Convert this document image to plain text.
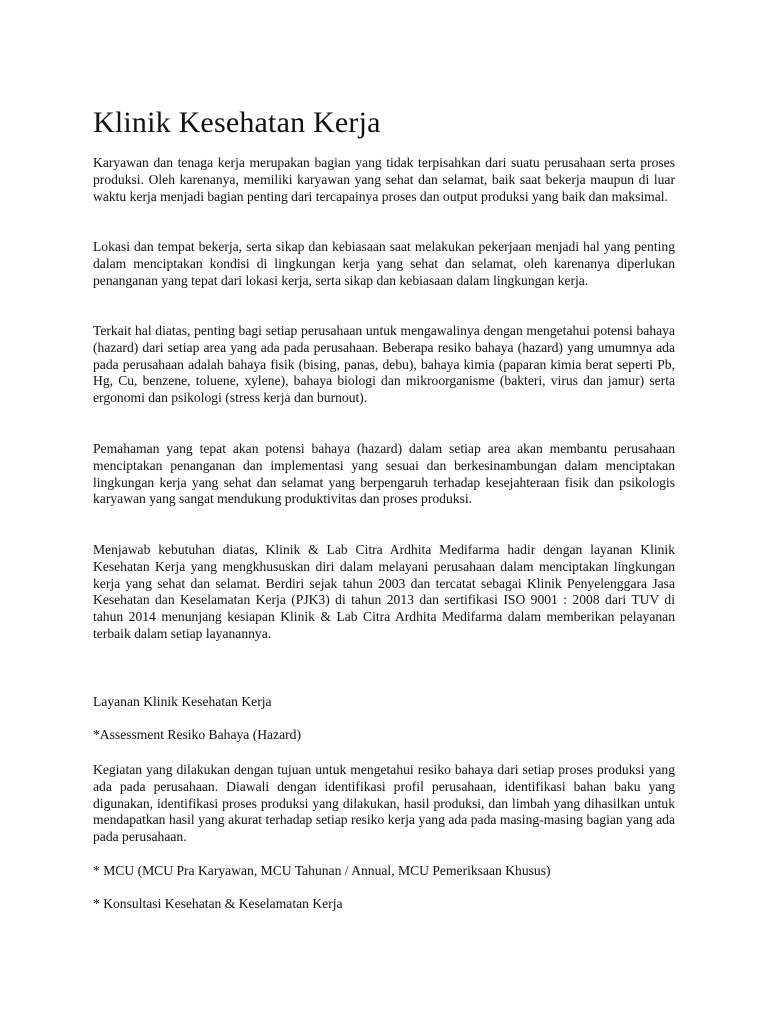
Klinik Kesehatan Kerja

Karyawan dan tenaga kerja merupakan bagian yang tidak terpisahkan dari suatu perusahaan serta proses produksi. Oleh karenanya, memiliki karyawan yang sehat dan selamat, baik saat bekerja maupun di luar waktu kerja menjadi bagian penting dari tercapainya proses dan output produksi yang baik dan maksimal.

Lokasi dan tempat bekerja, serta sikap dan kebiasaan saat melakukan pekerjaan menjadi hal yang penting dalam menciptakan kondisi di lingkungan kerja yang sehat dan selamat, oleh karenanya diperlukan penanganan yang tepat dari lokasi kerja, serta sikap dan kebiasaan dalam lingkungan kerja.

Terkait hal diatas, penting bagi setiap perusahaan untuk mengawalinya dengan mengetahui potensi bahaya (hazard) dari setiap area yang ada pada perusahaan. Beberapa resiko bahaya (hazard) yang umumnya ada pada perusahaan adalah bahaya fisik (bising, panas, debu), bahaya kimia (paparan kimia berat seperti Pb, Hg, Cu, benzene, toluene, xylene), bahaya biologi dan mikroorganisme (bakteri, virus dan jamur) serta ergonomi dan psikologi (stress kerja dan burnout).

Pemahaman yang tepat akan potensi bahaya (hazard) dalam setiap area akan membantu perusahaan menciptakan penanganan dan implementasi yang sesuai dan berkesinambungan dalam menciptakan lingkungan kerja yang sehat dan selamat yang berpengaruh terhadap kesejahteraan fisik dan psikologis karyawan yang sangat mendukung produktivitas dan proses produksi.

Menjawab kebutuhan diatas, Klinik & Lab Citra Ardhita Medifarma hadir dengan layanan Klinik Kesehatan Kerja yang mengkhususkan diri dalam melayani perusahaan dalam menciptakan lingkungan kerja yang sehat dan selamat. Berdiri sejak tahun 2003 dan tercatat sebagai Klinik Penyelenggara Jasa Kesehatan dan Keselamatan Kerja (PJK3) di tahun 2013 dan sertifikasi ISO 9001 : 2008 dari TUV di tahun 2014 menunjang kesiapan Klinik & Lab Citra Ardhita Medifarma dalam memberikan pelayanan terbaik dalam setiap layanannya.

Layanan Klinik Kesehatan Kerja

*Assessment Resiko Bahaya (Hazard)

Kegiatan yang dilakukan dengan tujuan untuk mengetahui resiko bahaya dari setiap proses produksi yang ada pada perusahaan. Diawali dengan identifikasi profil perusahaan, identifikasi bahan baku yang digunakan, identifikasi proses produksi yang dilakukan, hasil produksi, dan limbah yang dihasilkan untuk mendapatkan hasil yang akurat terhadap setiap resiko kerja yang ada pada masing-masing bagian yang ada pada perusahaan.

* MCU (MCU Pra Karyawan, MCU Tahunan / Annual, MCU Pemeriksaan Khusus)

* Konsultasi Kesehatan & Keselamatan Kerja
